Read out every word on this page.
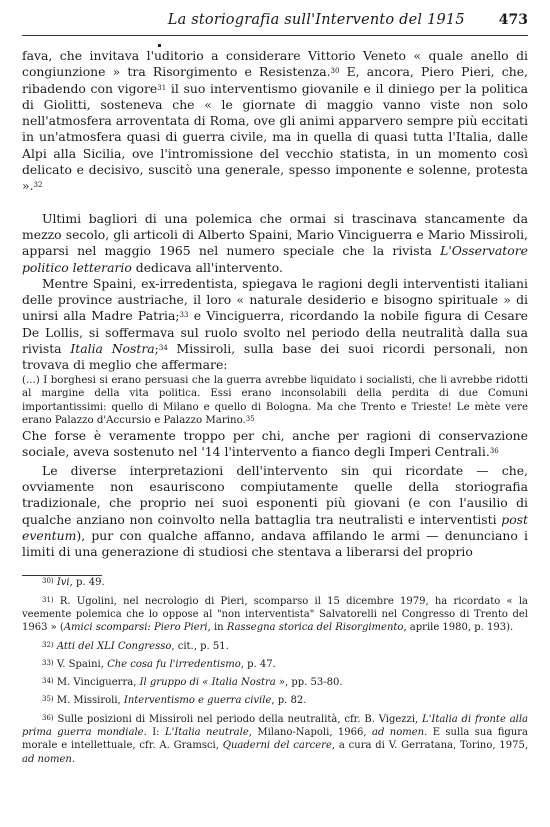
La storiografia sull'Intervento del 1915 473

fava, che invitava l'uditorio a considerare Vittorio Veneto « quale anello di congiunzione » tra Risorgimento e Resistenza.$^{30}$ E, ancora, Piero Pieri, che, ribadendo con vigore$^{31}$ il suo interventismo giovanile e il diniego per la politica di Giolitti, sosteneva che « le giornate di maggio vanno viste non solo nell'atmosfera arroventata di Roma, ove gli animi apparvero sempre più eccitati in un'atmosfera quasi di guerra civile, ma in quella di quasi tutta l'Italia, dalle Alpi alla Sicilia, ove l'intromissione del vecchio statista, in un momento così delicato e decisivo, suscitò una generale, spesso imponente e solenne, protesta ».$^{32}$

Ultimi bagliori di una polemica che ormai si trascinava stancamente da mezzo secolo, gli articoli di Alberto Spaini, Mario Vinciguerra e Mario Missiroli, apparsi nel maggio 1965 nel numero speciale che la rivista L'Osservatore politico letterario dedicava all'intervento.

Mentre Spaini, ex-irredentista, spiegava le ragioni degli interventisti italiani delle province austriache, il loro « naturale desiderio e bisogno spirituale » di unirsi alla Madre Patria;$^{33}$ e Vinciguerra, ricordando la nobile figura di Cesare De Lollis, si soffermava sul ruolo svolto nel periodo della neutralità dalla sua rivista Italia Nostra;$^{34}$ Missiroli, sulla base dei suoi ricordi personali, non trovava di meglio che affermare:

(...) I borghesi si erano persuasi che la guerra avrebbe liquidato i socialisti, che li avrebbe ridotti al margine della vita politica. Essi erano inconsolabili della perdita di due Comuni importantissimi: quello di Milano e quello di Bologna. Ma che Trento e Trieste! Le mète vere erano Palazzo d'Accursio e Palazzo Marino.$^{35}$

Che forse è veramente troppo per chi, anche per ragioni di conservazione sociale, aveva sostenuto nel '14 l'intervento a fianco degli Imperi Centrali.$^{36}$

Le diverse interpretazioni dell'intervento sin qui ricordate — che, ovviamente non esauriscono compiutamente quelle della storiografia tradizionale, che proprio nei suoi esponenti più giovani (e con l'ausilio di qualche anziano non coinvolto nella battaglia tra neutralisti e interventisti post eventum), pur con qualche affanno, andava affilando le armi — denunciano i limiti di una generazione di studiosi che stentava a liberarsi del proprio

$^{30)}$ Ivi, p. 49.

$^{31)}$ R. Ugolini, nel necrologio di Pieri, scomparso il 15 dicembre 1979, ha ricordato « la veemente polemica che lo oppose al "non interventista" Salvatorelli nel Congresso di Trento del 1963 » (Amici scomparsi: Piero Pieri, in Rassegna storica del Risorgimento, aprile 1980, p. 193).

$^{32)}$ Atti del XLI Congresso, cit., p. 51.

$^{33)}$ V. Spaini, Che cosa fu l'irredentismo, p. 47.

$^{34)}$ M. Vinciguerra, Il gruppo di « Italia Nostra », pp. 53-80.

$^{35)}$ M. Missiroli, Interventismo e guerra civile, p. 82.

$^{36)}$ Sulle posizioni di Missiroli nel periodo della neutralità, cfr. B. Vigezzi, L'Italia di fronte alla prima guerra mondiale. I: L'Italia neutrale, Milano-Napoli, 1966, ad nomen. E sulla sua figura morale e intellettuale, cfr. A. Gramsci, Quaderni del carcere, a cura di V. Gerratana, Torino, 1975, ad nomen.
